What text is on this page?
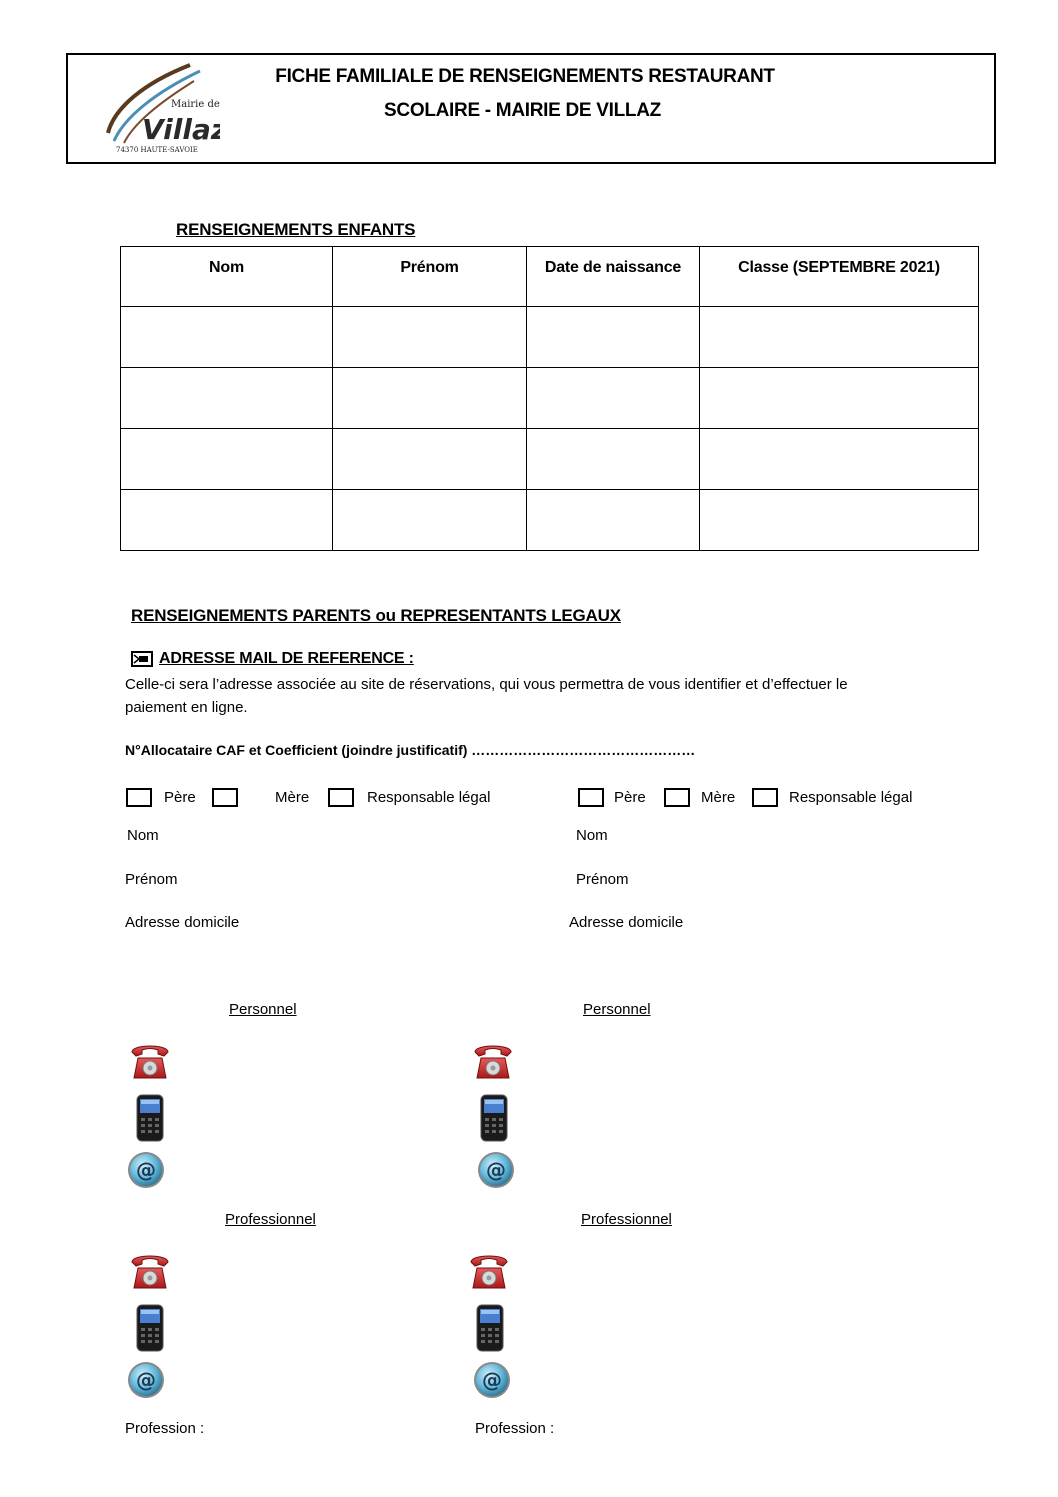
Mairie de
Villaz
74370 HAUTE-SAVOIE
FICHE FAMILIALE DE RENSEIGNEMENTS RESTAURANT
SCOLAIRE - MAIRIE DE VILLAZ
RENSEIGNEMENTS ENFANTS
Nom	Prénom	Date de naissance	Classe (SEPTEMBRE 2021)

RENSEIGNEMENTS PARENTS ou REPRESENTANTS LEGAUX
ADRESSE MAIL DE REFERENCE :
Celle-ci sera l’adresse associée au site de réservations, qui vous permettra de vous identifier et d’effectuer le
paiement en ligne.
N°Allocataire CAF et Coefficient (joindre justificatif) …………………………………………
Père	Mère	Responsable légal	Père	Mère	Responsable légal
Nom	Nom
Prénom	Prénom
Adresse domicile	Adresse domicile
Personnel	Personnel
Professionnel	Professionnel
Profession :	Profession :
@	@
@	@
